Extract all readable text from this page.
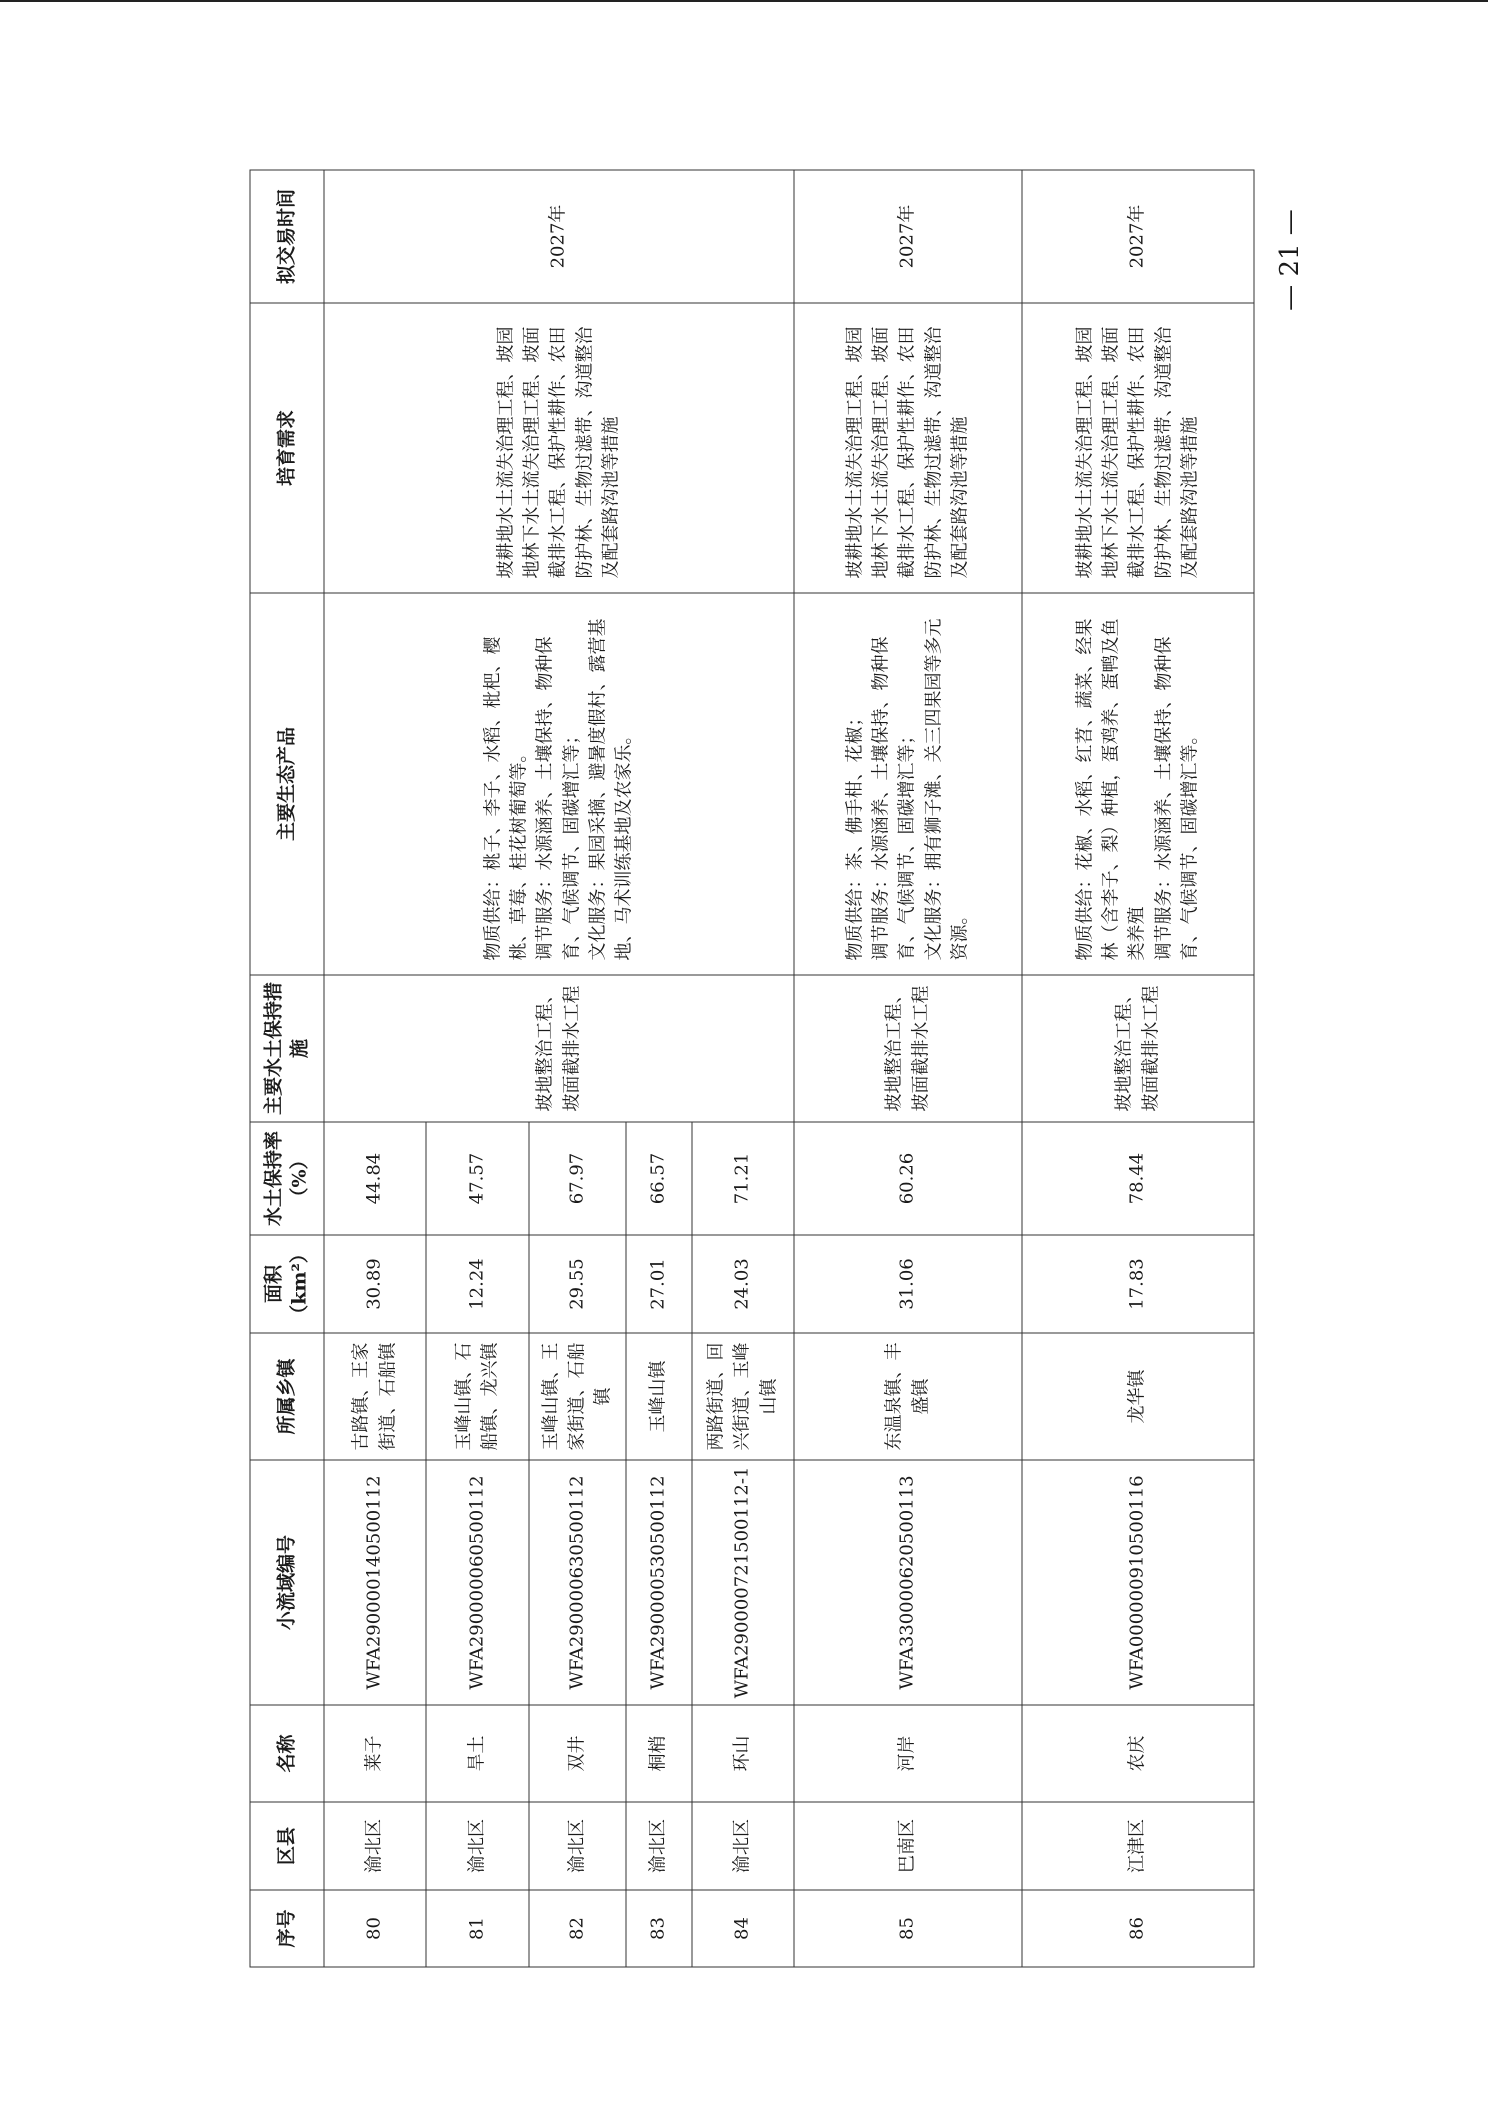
序号	区县	名称	小流域编号	所属乡镇	面积（km²）	水土保持率（%）	主要水土保持措施	主要生态产品	培育需求	拟交易时间
80	渝北区	莱子	WFA290000140500112	古路镇、王家街道、石船镇	30.89	44.84	坡地整治工程、坡面截排水工程	物质供给：桃子、李子、水稻、枇杷、樱桃、草莓、桂花树葡萄等。
调节服务：水源涵养、土壤保持、物种保育、气候调节、固碳增汇等；
文化服务：果园采摘、避暑度假村、露营基地、马术训练基地及农家乐。	坡耕地水土流失治理工程、坡园地林下水土流失治理工程、坡面截排水工程、保护性耕作、农田防护林、生物过滤带、沟道整治及配套路沟池等措施	2027年
81	渝北区	旱土	WFA290000060500112	玉峰山镇、石船镇、龙兴镇	12.24	47.57				
82	渝北区	双井	WFA290000630500112	玉峰山镇、王家街道、石船镇	29.55	67.97				
83	渝北区	桐梢	WFA290000530500112	玉峰山镇	27.01	66.57				
84	渝北区	环山	WFA290000721500112-1	两路街道、回兴街道、玉峰山镇	24.03	71.21				
85	巴南区	河岸	WFA330000620500113	东温泉镇、丰盛镇	31.06	60.26	坡地整治工程、坡面截排水工程	物质供给：茶、佛手柑、花椒；
调节服务：水源涵养、土壤保持、物种保育、气候调节、固碳增汇等；
文化服务：拥有狮子滩、关三四果园等多元资源。	坡耕地水土流失治理工程、坡园地林下水土流失治理工程、坡面截排水工程、保护性耕作、农田防护林、生物过滤带、沟道整治及配套路沟池等措施	2027年
86	江津区	农庆	WFA000000910500116	龙华镇	17.83	78.44	坡地整治工程、坡面截排水工程	物质供给：花椒、水稻、红苕、蔬菜、经果林（含李子、梨）种植，蛋鸡养、蛋鸭及鱼类养殖
调节服务：水源涵养、土壤保持、物种保育、气候调节、固碳增汇等。	坡耕地水土流失治理工程、坡园地林下水土流失治理工程、坡面截排水工程、保护性耕作、农田防护林、生物过滤带、沟道整治及配套路沟池等措施	2027年	— 21 —
